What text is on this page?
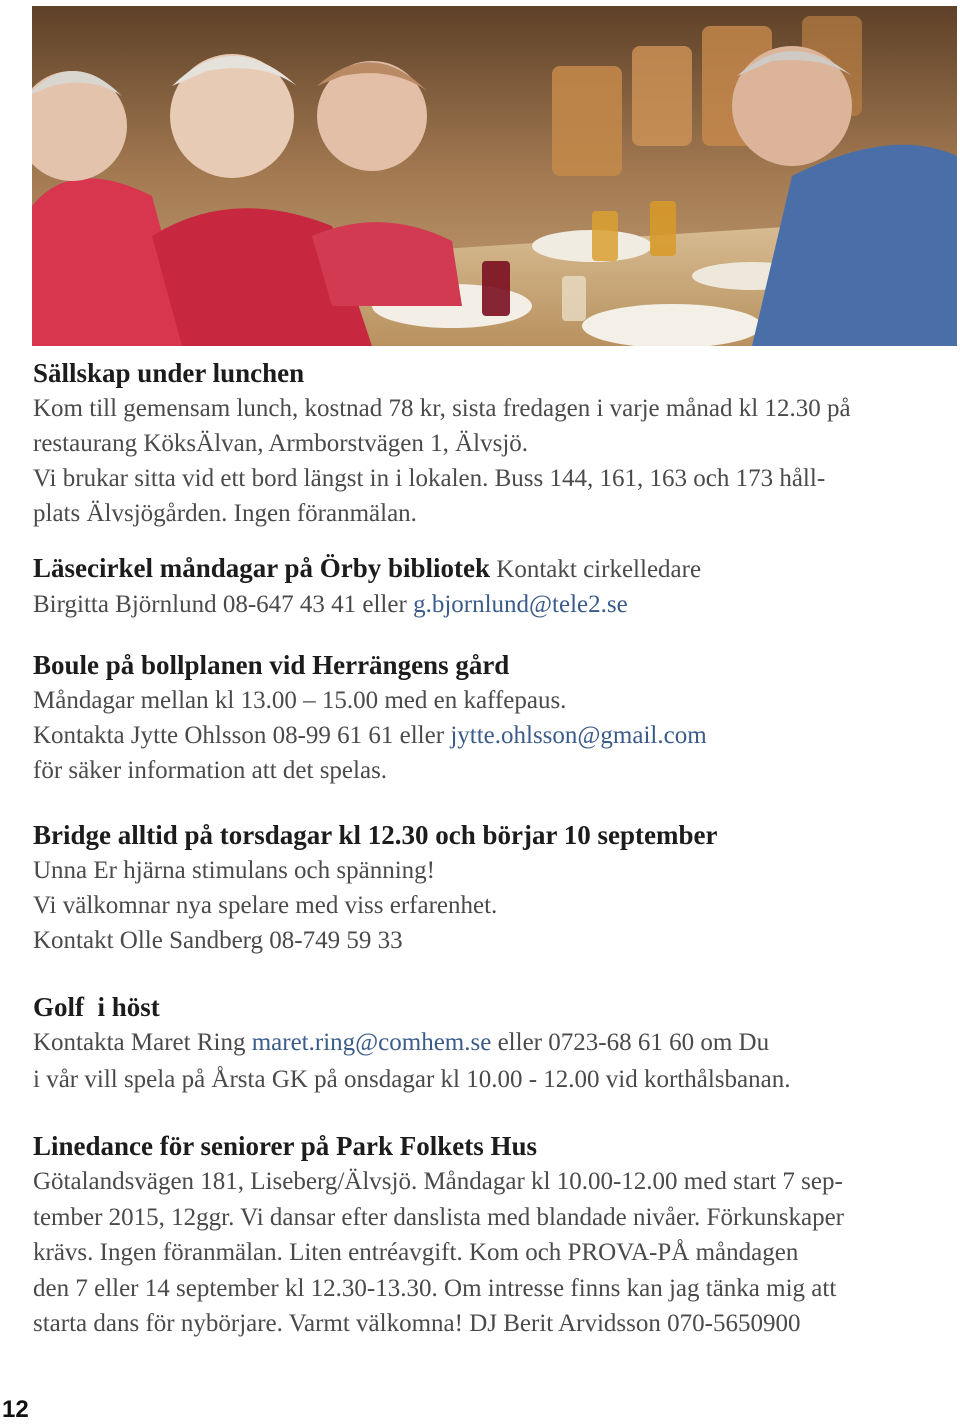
Sällskap under lunchen

Kom till gemensam lunch, kostnad 78 kr, sista fredagen i varje månad kl 12.30 på

restaurang KöksÄlvan, Armborstvägen 1, Älvsjö.

Vi brukar sitta vid ett bord längst in i lokalen. Buss 144, 161, 163 och 173 håll-

plats Älvsjögården. Ingen föranmälan.

Läsecirkel måndagar på Örby bibliotek Kontakt cirkelledare

Birgitta Björnlund 08-647 43 41 eller g.bjornlund@tele2.se

Boule på bollplanen vid Herrängens gård

Måndagar mellan kl 13.00 – 15.00 med en kaffepaus.

Kontakta Jytte Ohlsson 08-99 61 61 eller jytte.ohlsson@gmail.com

för säker information att det spelas.

Bridge alltid på torsdagar kl 12.30 och börjar 10 september

Unna Er hjärna stimulans och spänning!

Vi välkomnar nya spelare med viss erfarenhet.

Kontakt Olle Sandberg 08-749 59 33

Golf  i höst

Kontakta Maret Ring maret.ring@comhem.se eller 0723-68 61 60 om Du

i vår vill spela på Årsta GK på onsdagar kl 10.00 - 12.00 vid korthålsbanan.

Linedance för seniorer på Park Folkets Hus

Götalandsvägen 181, Liseberg/Älvsjö. Måndagar kl 10.00-12.00 med start 7 sep-

tember 2015, 12ggr. Vi dansar efter danslista med blandade nivåer. Förkunskaper

krävs. Ingen föranmälan. Liten entréavgift. Kom och PROVA-PÅ måndagen

den 7 eller 14 september kl 12.30-13.30. Om intresse finns kan jag tänka mig att

starta dans för nybörjare. Varmt välkomna! DJ Berit Arvidsson 070-5650900

12
